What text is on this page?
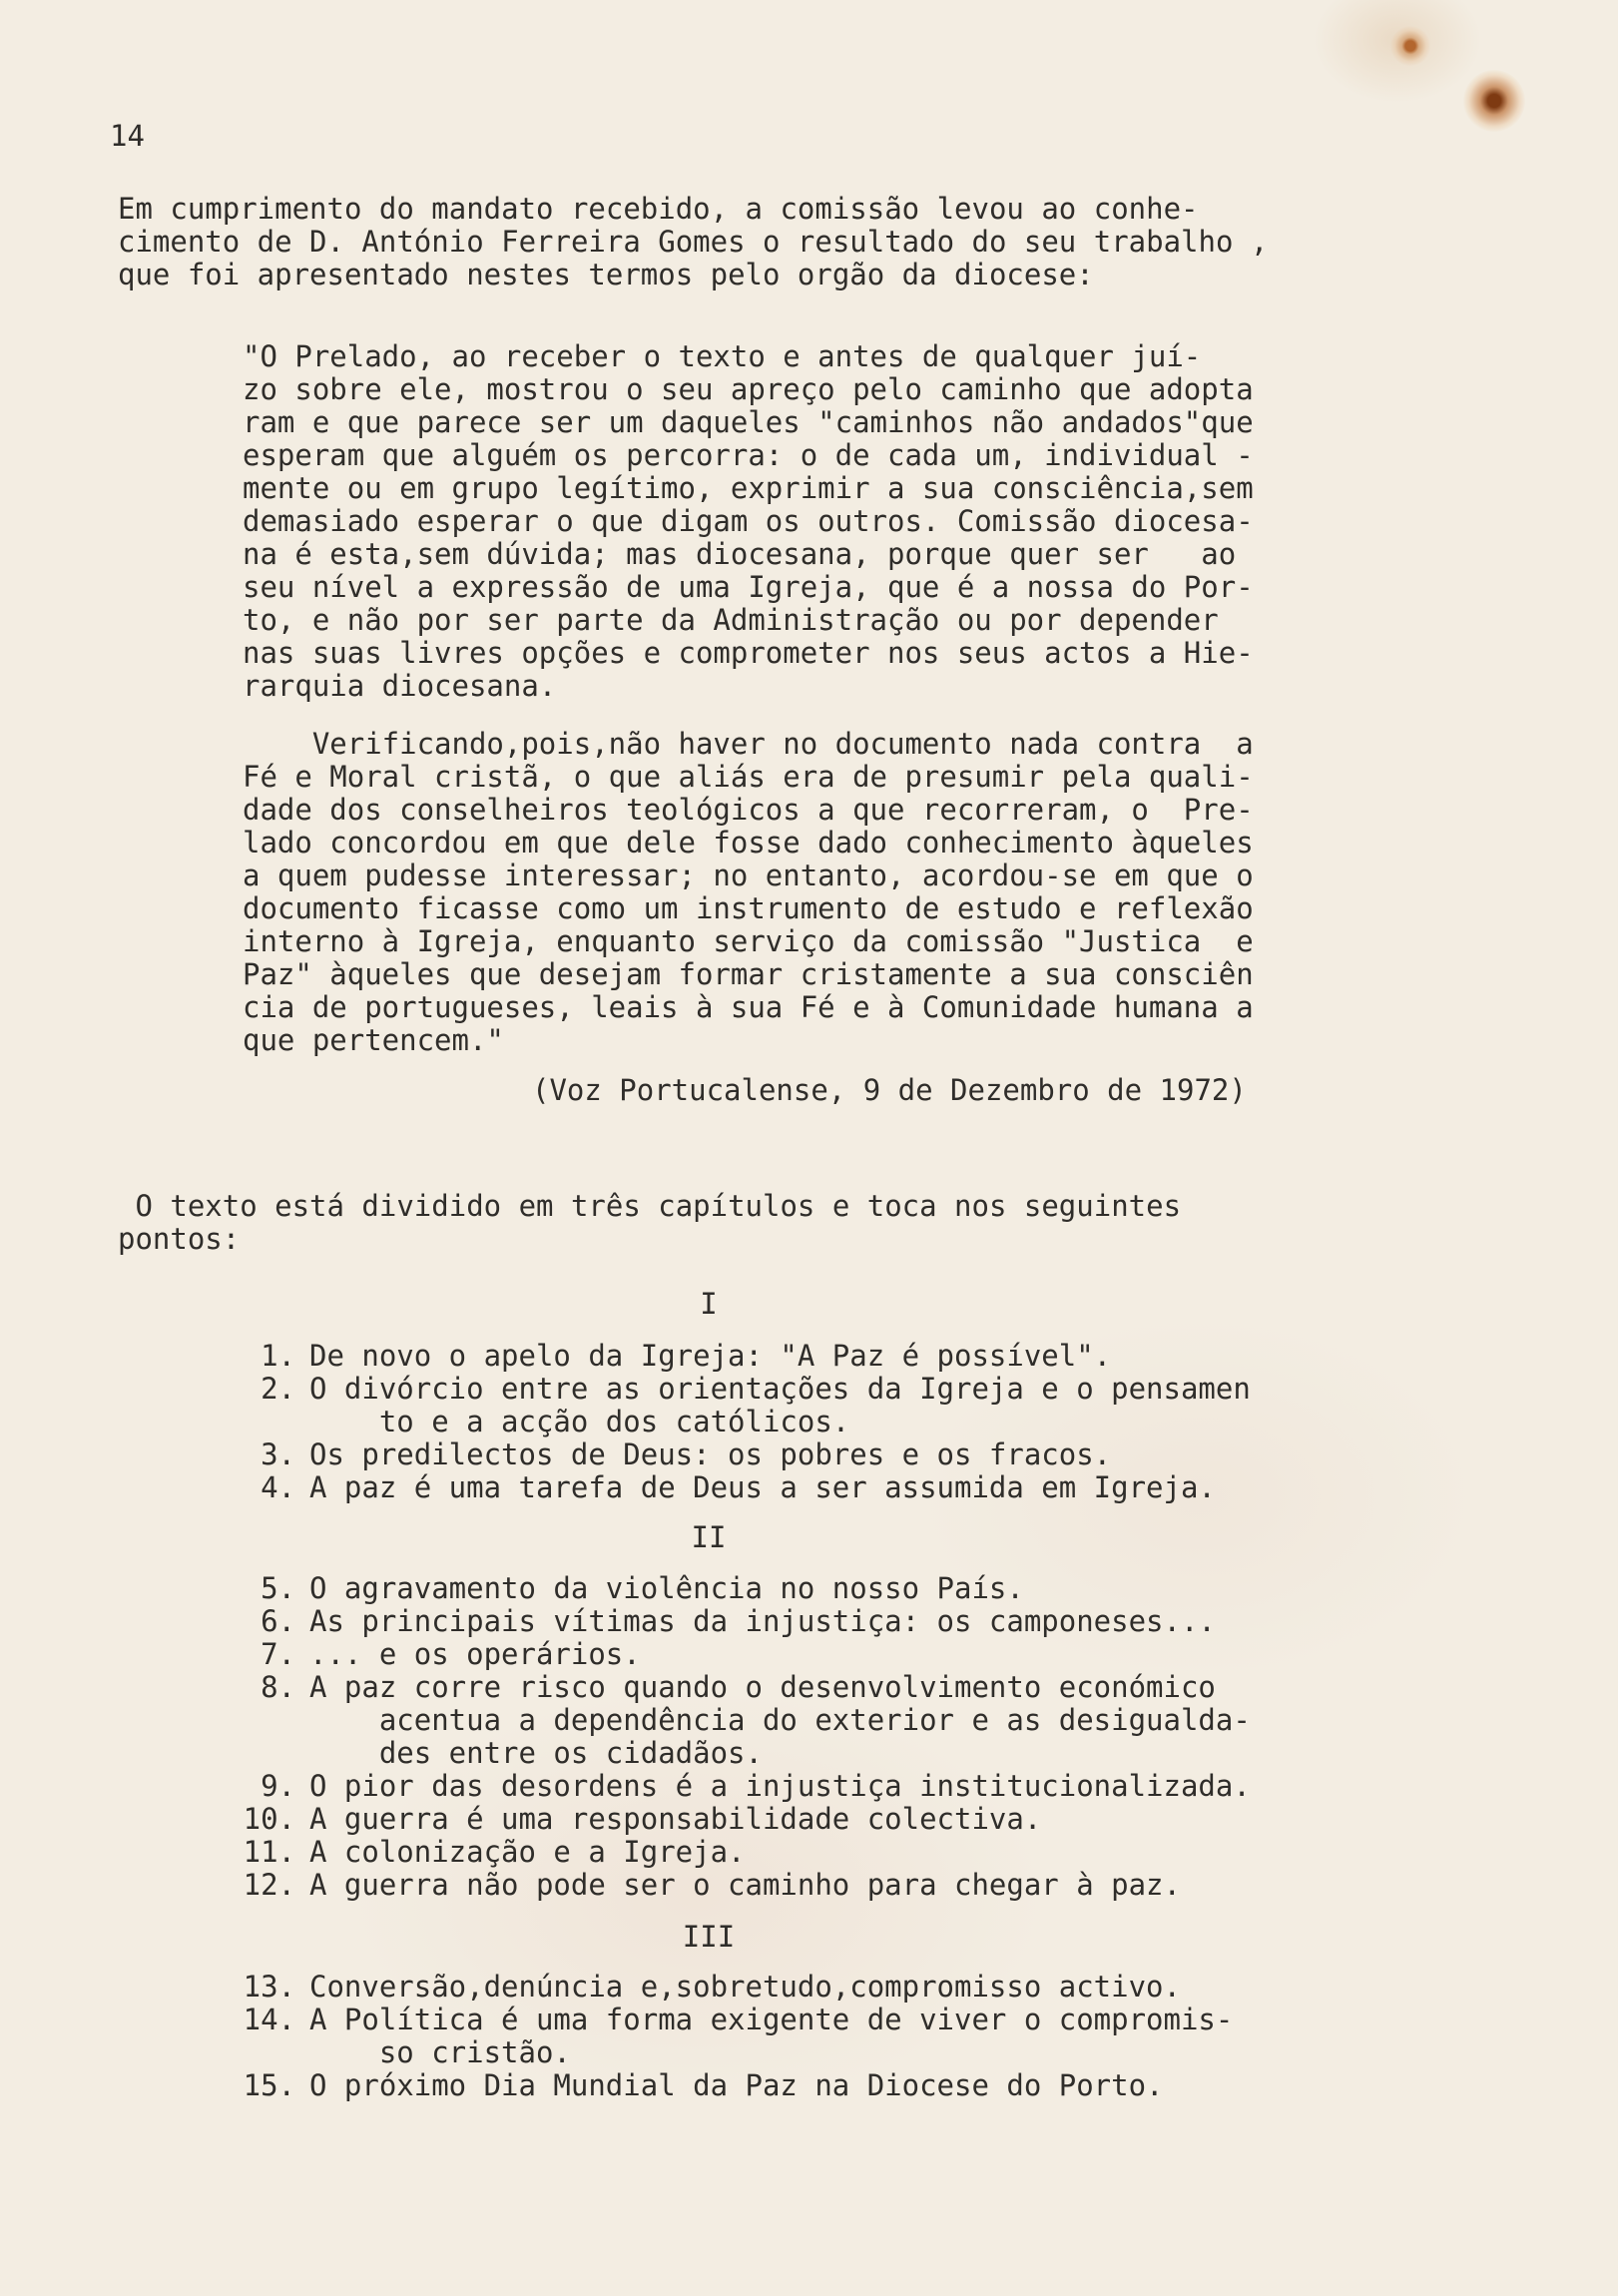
14

Em cumprimento do mandato recebido, a comissão levou ao conhe-
cimento de D. António Ferreira Gomes o resultado do seu trabalho ,
que foi apresentado nestes termos pelo orgão da diocese:

"O Prelado, ao receber o texto e antes de qualquer juí-
zo sobre ele, mostrou o seu apreço pelo caminho que adopta
ram e que parece ser um daqueles "caminhos não andados"que
esperam que alguém os percorra: o de cada um, individual -
mente ou em grupo legítimo, exprimir a sua consciência,sem
demasiado esperar o que digam os outros. Comissão diocesa-
na é esta,sem dúvida; mas diocesana, porque quer ser   ao
seu nível a expressão de uma Igreja, que é a nossa do Por-
to, e não por ser parte da Administração ou por depender
nas suas livres opções e comprometer nos seus actos a Hie-
rarquia diocesana.

Verificando,pois,não haver no documento nada contra  a
Fé e Moral cristã, o que aliás era de presumir pela quali-
dade dos conselheiros teológicos a que recorreram, o  Pre-
lado concordou em que dele fosse dado conhecimento àqueles
a quem pudesse interessar; no entanto, acordou-se em que o
documento ficasse como um instrumento de estudo e reflexão
interno à Igreja, enquanto serviço da comissão "Justica  e
Paz" àqueles que desejam formar cristamente a sua consciên
cia de portugueses, leais à sua Fé e à Comunidade humana a
que pertencem."

(Voz Portucalense, 9 de Dezembro de 1972)

O texto está dividido em três capítulos e toca nos seguintes
pontos:

I

1. De novo o apelo da Igreja: "A Paz é possível".
2. O divórcio entre as orientações da Igreja e o pensamen
to e a acção dos católicos.
3. Os predilectos de Deus: os pobres e os fracos.
4. A paz é uma tarefa de Deus a ser assumida em Igreja.

II

5. O agravamento da violência no nosso País.
6. As principais vítimas da injustiça: os camponeses...
7. ... e os operários.
8. A paz corre risco quando o desenvolvimento económico
acentua a dependência do exterior e as desigualda-
des entre os cidadãos.
9. O pior das desordens é a injustiça institucionalizada.
10. A guerra é uma responsabilidade colectiva.
11. A colonização e a Igreja.
12. A guerra não pode ser o caminho para chegar à paz.

III

13. Conversão,denúncia e,sobretudo,compromisso activo.
14. A Política é uma forma exigente de viver o compromis-
so cristão.
15. O próximo Dia Mundial da Paz na Diocese do Porto.
